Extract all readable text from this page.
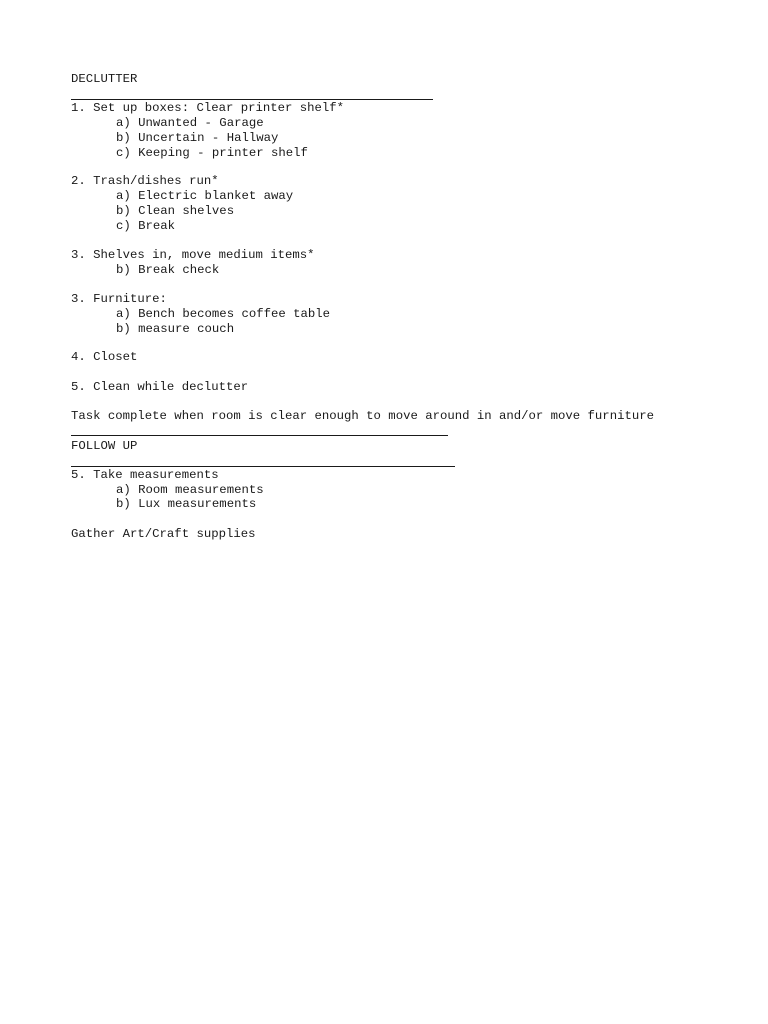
DECLUTTER
1. Set up boxes: Clear printer shelf*
a) Unwanted - Garage
b) Uncertain - Hallway
c) Keeping - printer shelf
2. Trash/dishes run*
a) Electric blanket away
b) Clean shelves
c) Break
3. Shelves in, move medium items*
b) Break check
3. Furniture:
a) Bench becomes coffee table
b) measure couch
4. Closet
5. Clean while declutter
Task complete when room is clear enough to move around in and/or move furniture
FOLLOW UP
5. Take measurements
a) Room measurements
b) Lux measurements
Gather Art/Craft supplies
